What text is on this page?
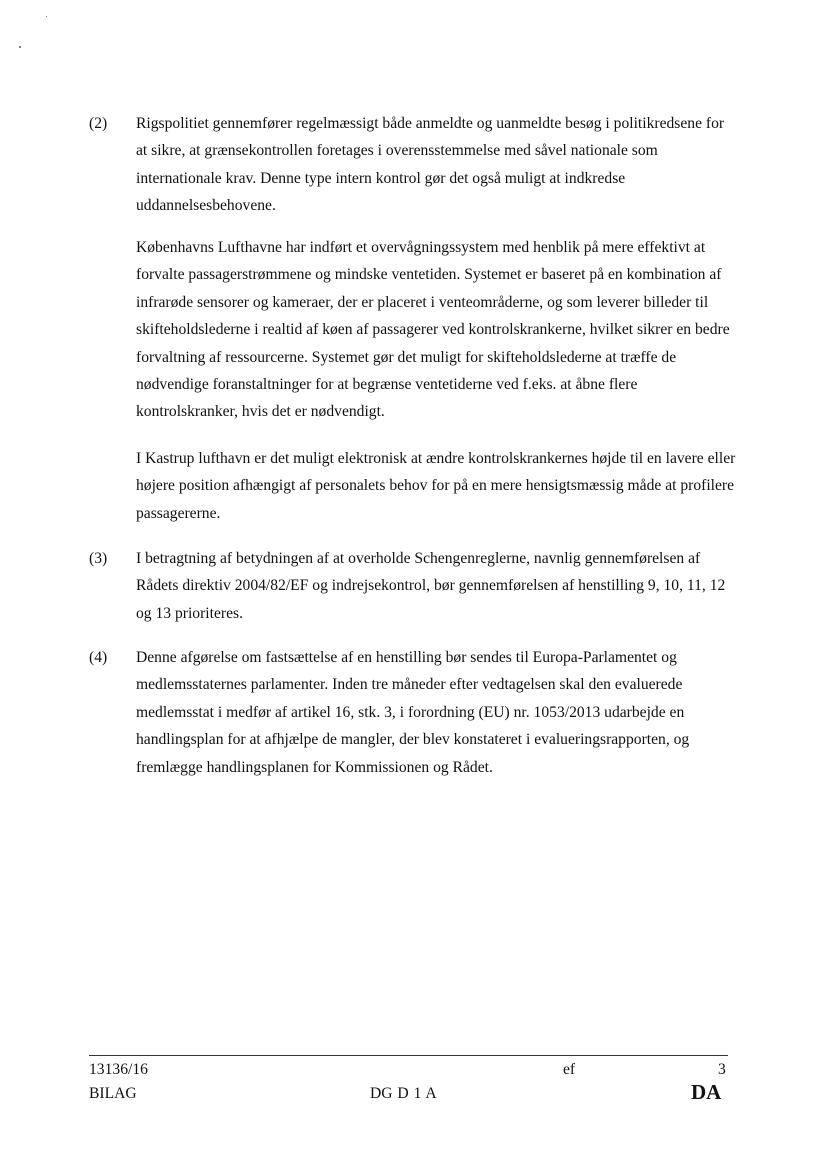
(2) Rigspolitiet gennemfører regelmæssigt både anmeldte og uanmeldte besøg i politikredsene for at sikre, at grænsekontrollen foretages i overensstemmelse med såvel nationale som internationale krav. Denne type intern kontrol gør det også muligt at indkredse uddannelsesbehovene.
Københavns Lufthavne har indført et overvågningssystem med henblik på mere effektivt at forvalte passagerstrømmene og mindske ventetiden. Systemet er baseret på en kombination af infrarøde sensorer og kameraer, der er placeret i venteområderne, og som leverer billeder til skifteholdslederne i realtid af køen af passagerer ved kontrolskrankerne, hvilket sikrer en bedre forvaltning af ressourcerne. Systemet gør det muligt for skifteholdslederne at træffe de nødvendige foranstaltninger for at begrænse ventetiderne ved f.eks. at åbne flere kontrolskranker, hvis det er nødvendigt.
I Kastrup lufthavn er det muligt elektronisk at ændre kontrolskrankernes højde til en lavere eller højere position afhængigt af personalets behov for på en mere hensigtsmæssig måde at profilere passagererne.
(3) I betragtning af betydningen af at overholde Schengenreglerne, navnlig gennemførelsen af Rådets direktiv 2004/82/EF og indrejsekontrol, bør gennemførelsen af henstilling 9, 10, 11, 12 og 13 prioriteres.
(4) Denne afgørelse om fastsættelse af en henstilling bør sendes til Europa-Parlamentet og medlemsstaternes parlamenter. Inden tre måneder efter vedtagelsen skal den evaluerede medlemsstat i medfør af artikel 16, stk. 3, i forordning (EU) nr. 1053/2013 udarbejde en handlingsplan for at afhjælpe de mangler, der blev konstateret i evalueringsrapporten, og fremlægge handlingsplanen for Kommissionen og Rådet.
13136/16
BILAG
ef
DG D 1 A
3
DA
